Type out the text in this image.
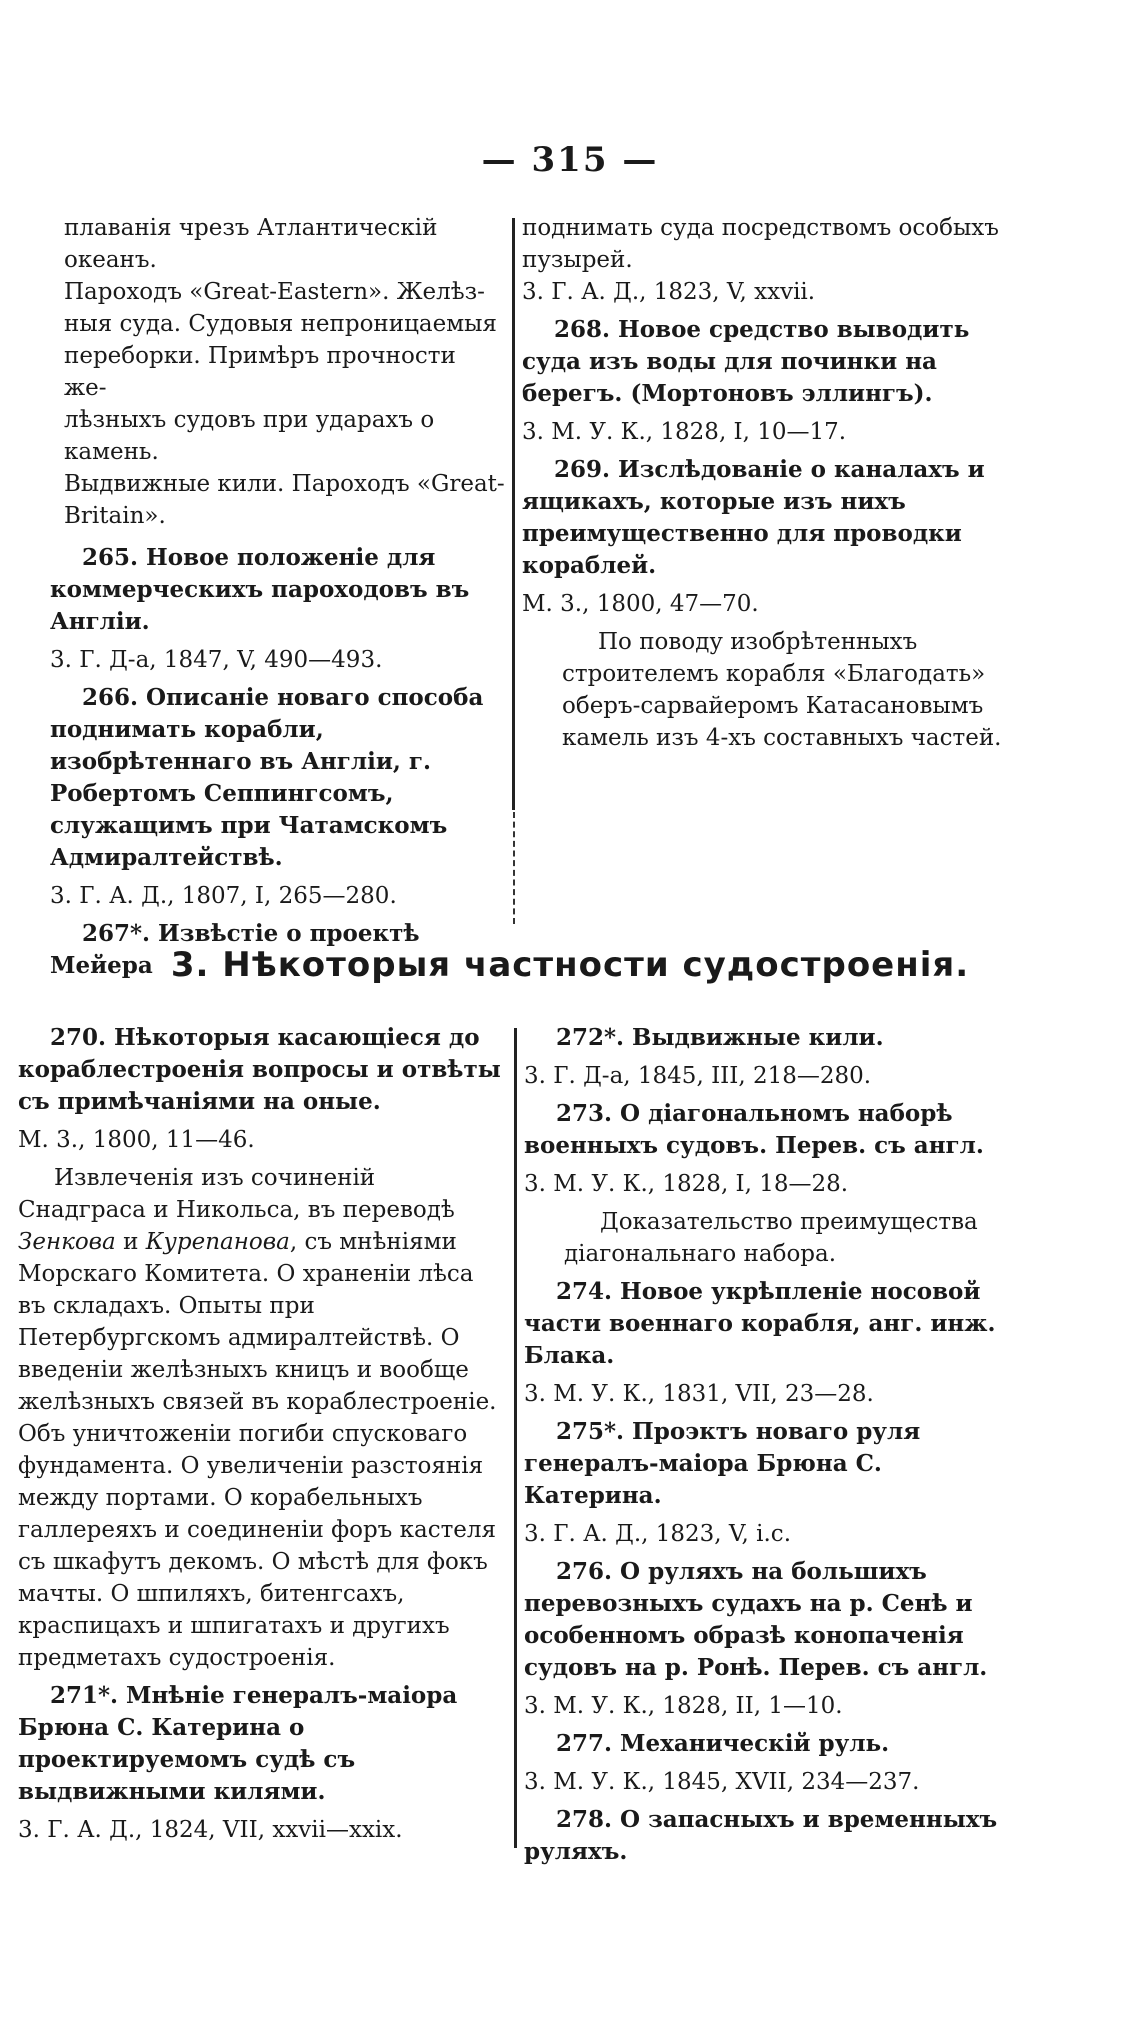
— 315 —
плаванія чрезъ Атлантическій океанъ.
Пароходъ «Great-Eastern». Желѣз-
ныя суда. Судовыя непроницаемыя
переборки. Примѣръ прочности же-
лѣзныхъ судовъ при ударахъ о камень.
Выдвижные кили. Пароходъ «Great-
Britain».

265. Новое положеніе для коммерческихъ пароходовъ въ Англіи.

3. Г. Д-а, 1847, V, 490—493.

266. Описаніе новаго способа поднимать корабли, изобрѣтеннаго въ Англіи, г. Робертомъ Сеппингсомъ, служащимъ при Чатамскомъ Адмиралтействѣ.

3. Г. А. Д., 1807, I, 265—280.

267*. Извѣстіе о проектѣ Мейера

поднимать суда посредствомъ особыхъ
пузырей.

3. Г. А. Д., 1823, V, xxvii.

268. Новое средство выводить суда изъ воды для починки на берегъ. (Мортоновъ эллингъ).

3. М. У. К., 1828, I, 10—17.

269. Изслѣдованіе о каналахъ и ящикахъ, которые изъ нихъ преимущественно для проводки кораблей.

М. 3., 1800, 47—70.

По поводу изобрѣтенныхъ строителемъ корабля «Благодать» оберъ-сарвайеромъ Катасановымъ камель изъ 4-хъ составныхъ частей.

3. Нѣкоторыя частности судостроенія.

270. Нѣкоторыя касающіеся до кораблестроенія вопросы и отвѣты съ примѣчаніями на оные.

М. 3., 1800, 11—46.

Извлеченія изъ сочиненій Снадграса и Никольса, въ переводѣ Зенкова и Курепанова, съ мнѣніями Морскаго Комитета. О храненіи лѣса въ складахъ. Опыты при Петербургскомъ адмиралтействѣ. О введеніи желѣзныхъ кницъ и вообще желѣзныхъ связей въ кораблестроеніе. Объ уничтоженіи погиби спусковаго фундамента. О увеличеніи разстоянія между портами. О корабельныхъ галлереяхъ и соединеніи форъ кастеля съ шкафутъ декомъ. О мѣстѣ для фокъ мачты. О шпиляхъ, битенгсахъ, краспицахъ и шпигатахъ и другихъ предметахъ судостроенія.

271*. Мнѣніе генералъ-маіора Брюна С. Катерина о проектируемомъ судѣ съ выдвижными килями.

3. Г. А. Д., 1824, VII, xxvii—xxix.

272*. Выдвижные кили.

3. Г. Д-а, 1845, III, 218—280.

273. О діагональномъ наборѣ военныхъ судовъ. Перев. съ англ.

3. М. У. К., 1828, I, 18—28.

Доказательство преимущества діагональнаго набора.

274. Новое укрѣпленіе носовой части военнаго корабля, анг. инж. Блака.

3. М. У. К., 1831, VII, 23—28.

275*. Проэктъ новаго руля генералъ-маіора Брюна С. Катерина.

3. Г. А. Д., 1823, V, і.с.

276. О руляхъ на большихъ перевозныхъ судахъ на р. Сенѣ и особенномъ образѣ конопаченія судовъ на р. Ронѣ. Перев. съ англ.

3. М. У. К., 1828, II, 1—10.

277. Механическій руль.

3. М. У. К., 1845, XVII, 234—237.

278. О запасныхъ и временныхъ руляхъ.
